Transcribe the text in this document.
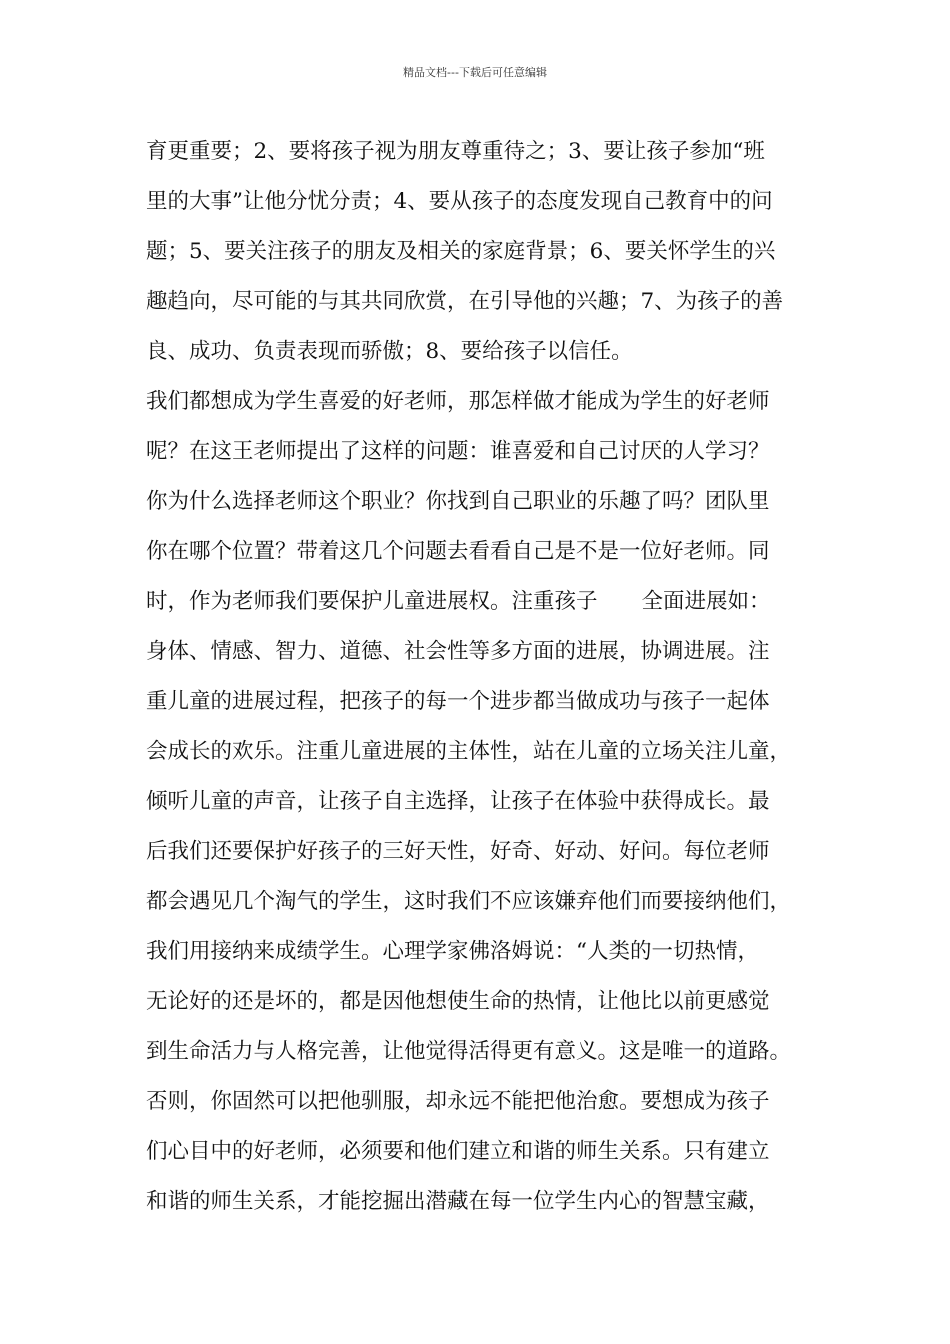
精品文档---下载后可任意编辑
育更重要；2、要将孩子视为朋友尊重待之；3、要让孩子参加“班
里的大事”让他分忧分责；4、要从孩子的态度发现自己教育中的问
题；5、要关注孩子的朋友及相关的家庭背景；6、要关怀学生的兴
趣趋向，尽可能的与其共同欣赏，在引导他的兴趣；7、为孩子的善
良、成功、负责表现而骄傲；8、要给孩子以信任。
我们都想成为学生喜爱的好老师，那怎样做才能成为学生的好老师
呢？在这王老师提出了这样的问题：谁喜爱和自己讨厌的人学习？
你为什么选择老师这个职业？你找到自己职业的乐趣了吗？团队里
你在哪个位置？带着这几个问题去看看自己是不是一位好老师。同
时，作为老师我们要保护儿童进展权。注重孩子 全面进展如：
身体、情感、智力、道德、社会性等多方面的进展，协调进展。注
重儿童的进展过程，把孩子的每一个进步都当做成功与孩子一起体
会成长的欢乐。注重儿童进展的主体性，站在儿童的立场关注儿童，
倾听儿童的声音，让孩子自主选择，让孩子在体验中获得成长。最
后我们还要保护好孩子的三好天性，好奇、好动、好问。每位老师
都会遇见几个淘气的学生，这时我们不应该嫌弃他们而要接纳他们，
我们用接纳来成绩学生。心理学家佛洛姆说：“人类的一切热情，
无论好的还是坏的，都是因他想使生命的热情，让他比以前更感觉
到生命活力与人格完善，让他觉得活得更有意义。这是唯一的道路。
否则，你固然可以把他驯服，却永远不能把他治愈。要想成为孩子
们心目中的好老师，必须要和他们建立和谐的师生关系。只有建立
和谐的师生关系，才能挖掘出潜藏在每一位学生内心的智慧宝藏，
